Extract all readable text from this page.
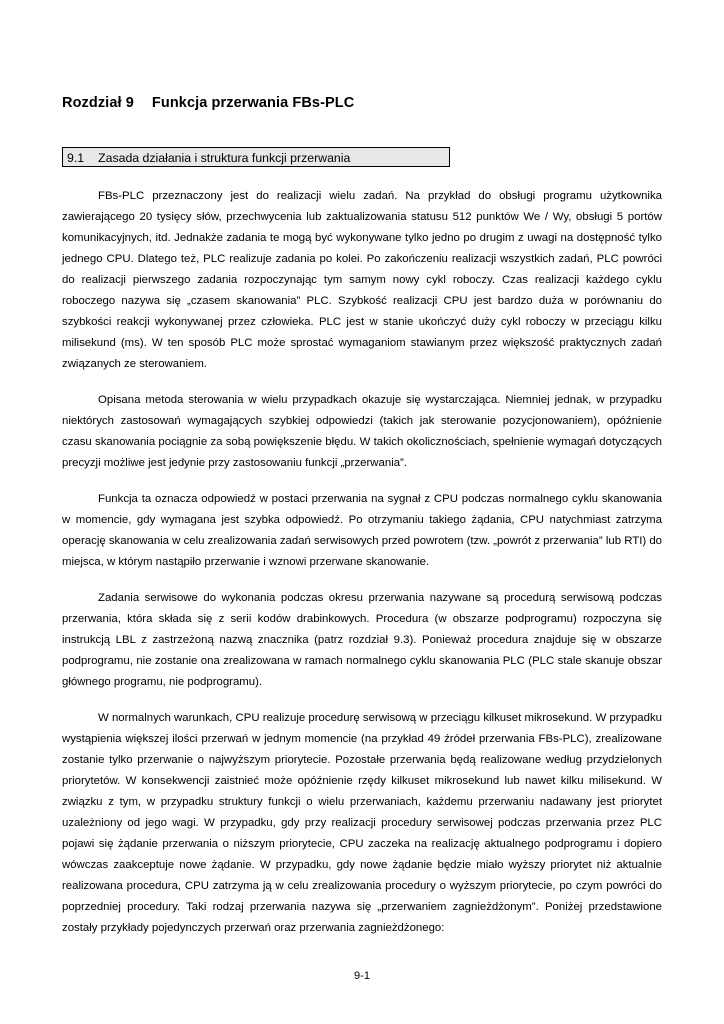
Rozdział 9 Funkcja przerwania FBs-PLC
9.1 Zasada działania i struktura funkcji przerwania

FBs-PLC przeznaczony jest do realizacji wielu zadań. Na przykład do obsługi programu użytkownika zawierającego 20 tysięcy słów, przechwycenia lub zaktualizowania statusu 512 punktów We / Wy, obsługi 5 portów komunikacyjnych, itd. Jednakże zadania te mogą być wykonywane tylko jedno po drugim z uwagi na dostępność tylko jednego CPU. Dlatego też, PLC realizuje zadania po kolei. Po zakończeniu realizacji wszystkich zadań, PLC powróci do realizacji pierwszego zadania rozpoczynając tym samym nowy cykl roboczy. Czas realizacji każdego cyklu roboczego nazywa się „czasem skanowania” PLC. Szybkość realizacji CPU jest bardzo duża w porównaniu do szybkości reakcji wykonywanej przez człowieka. PLC jest w stanie ukończyć duży cykl roboczy w przeciągu kilku milisekund (ms). W ten sposób PLC może sprostać wymaganiom stawianym przez większość praktycznych zadań związanych ze sterowaniem.

Opisana metoda sterowania w wielu przypadkach okazuje się wystarczająca. Niemniej jednak, w przypadku niektórych zastosowań wymagających szybkiej odpowiedzi (takich jak sterowanie pozycjonowaniem), opóźnienie czasu skanowania pociągnie za sobą powiększenie błędu. W takich okolicznościach, spełnienie wymagań dotyczących precyzji możliwe jest jedynie przy zastosowaniu funkcji „przerwania”.

Funkcja ta oznacza odpowiedź w postaci przerwania na sygnał z CPU podczas normalnego cyklu skanowania w momencie, gdy wymagana jest szybka odpowiedź. Po otrzymaniu takiego żądania, CPU natychmiast zatrzyma operację skanowania w celu zrealizowania zadań serwisowych przed powrotem (tzw. „powrót z przerwania” lub RTI) do miejsca, w którym nastąpiło przerwanie i wznowi przerwane skanowanie.

Zadania serwisowe do wykonania podczas okresu przerwania nazywane są procedurą serwisową podczas przerwania, która składa się z serii kodów drabinkowych. Procedura (w obszarze podprogramu) rozpoczyna się instrukcją LBL z zastrzeżoną nazwą znacznika (patrz rozdział 9.3). Ponieważ procedura znajduje się w obszarze podprogramu, nie zostanie ona zrealizowana w ramach normalnego cyklu skanowania PLC (PLC stale skanuje obszar głównego programu, nie podprogramu).

W normalnych warunkach, CPU realizuje procedurę serwisową w przeciągu kilkuset mikrosekund. W przypadku wystąpienia większej ilości przerwań w jednym momencie (na przykład 49 źródeł przerwania FBs-PLC), zrealizowane zostanie tylko przerwanie o najwyższym priorytecie. Pozostałe przerwania będą realizowane według przydzielonych priorytetów. W konsekwencji zaistnieć może opóźnienie rzędy kilkuset mikrosekund lub nawet kilku milisekund. W związku z tym, w przypadku struktury funkcji o wielu przerwaniach, każdemu przerwaniu nadawany jest priorytet uzależniony od jego wagi. W przypadku, gdy przy realizacji procedury serwisowej podczas przerwania przez PLC pojawi się żądanie przerwania o niższym priorytecie, CPU zaczeka na realizację aktualnego podprogramu i dopiero wówczas zaakceptuje nowe żądanie. W przypadku, gdy nowe żądanie będzie miało wyższy priorytet niż aktualnie realizowana procedura, CPU zatrzyma ją w celu zrealizowania procedury o wyższym priorytecie, po czym powróci do poprzedniej procedury. Taki rodzaj przerwania nazywa się „przerwaniem zagnieżdżonym”. Poniżej przedstawione zostały przykłady pojedynczych przerwań oraz przerwania zagnieżdżonego:

9-1
